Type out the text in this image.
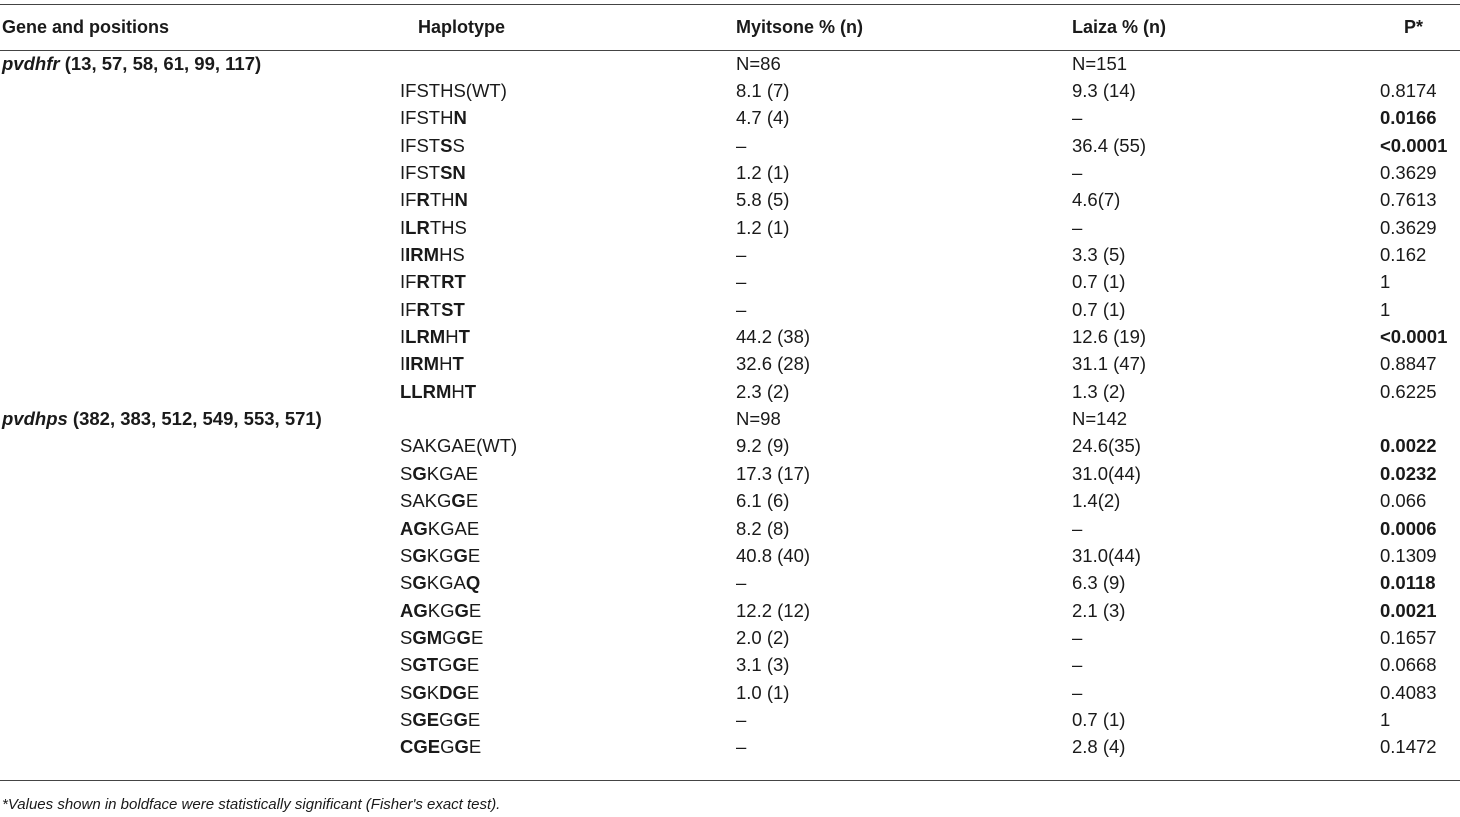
Gene and positions	Haplotype	Myitsone % (n)	Laiza % (n)	P*
pvdhfr (13, 57, 58, 61, 99, 117)		N=86	N=151	
	IFSTHS(WT)	8.1 (7)	9.3 (14)	0.8174
	IFSTHN	4.7 (4)	–	0.0166
	IFSTSS	–	36.4 (55)	<0.0001
	IFSTSN	1.2 (1)	–	0.3629
	IFRTHN	5.8 (5)	4.6(7)	0.7613
	ILRTHS	1.2 (1)	–	0.3629
	IIRMHS	–	3.3 (5)	0.162
	IFRTRT	–	0.7 (1)	1
	IFRTST	–	0.7 (1)	1
	ILRMHT	44.2 (38)	12.6 (19)	<0.0001
	IIRMHT	32.6 (28)	31.1 (47)	0.8847
	LLRMHT	2.3 (2)	1.3 (2)	0.6225
pvdhps (382, 383, 512, 549, 553, 571)		N=98	N=142	
	SAKGAE(WT)	9.2 (9)	24.6(35)	0.0022
	SGKGAE	17.3 (17)	31.0(44)	0.0232
	SAKGGE	6.1 (6)	1.4(2)	0.066
	AGKGAE	8.2 (8)	–	0.0006
	SGKGGE	40.8 (40)	31.0(44)	0.1309
	SGKGAQ	–	6.3 (9)	0.0118
	AGKGGE	12.2 (12)	2.1 (3)	0.0021
	SGMGGE	2.0 (2)	–	0.1657
	SGTGGE	3.1 (3)	–	0.0668
	SGKDGE	1.0 (1)	–	0.4083
	SGEGGE	–	0.7 (1)	1
	CGEGGE	–	2.8 (4)	0.1472
*Values shown in boldface were statistically significant (Fisher's exact test).
